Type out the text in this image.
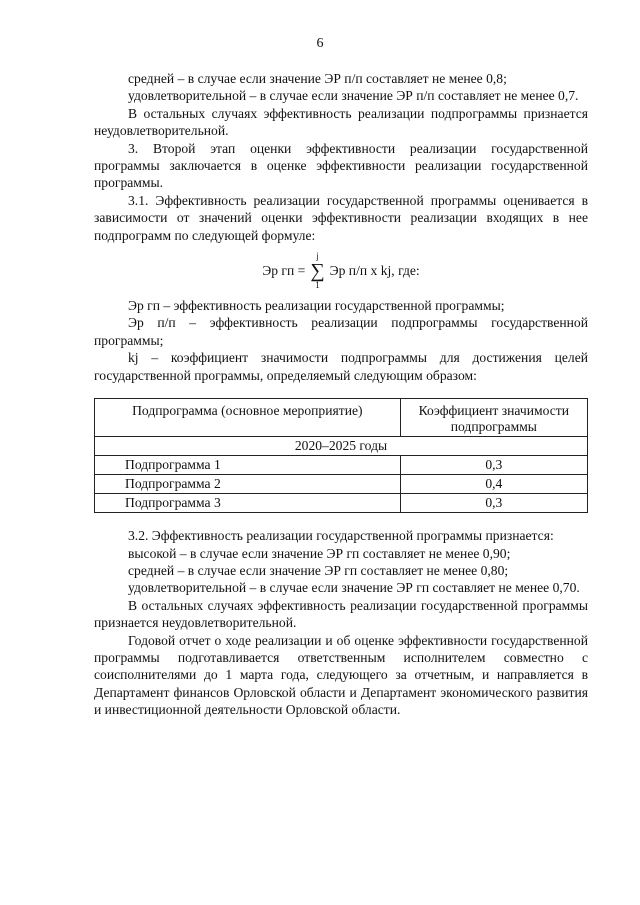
6

средней – в случае если значение ЭР п/п составляет не менее 0,8;

удовлетворительной – в случае если значение ЭР п/п составляет не менее 0,7.

В остальных случаях эффективность реализации подпрограммы признается неудовлетворительной.

3. Второй этап оценки эффективности реализации государственной программы заключается в оценке эффективности реализации государственной программы.

3.1. Эффективность реализации государственной программы оценивается в зависимости от значений оценки эффективности реализации входящих в нее подпрограмм по следующей формуле:

Эр гп =
j
∑
1
Эр п/п x kj, где:

Эр гп – эффективность реализации государственной программы;

Эр п/п – эффективность реализации подпрограммы государственной программы;

kj – коэффициент значимости подпрограммы для достижения целей государственной программы, определяемый следующим образом:

Подпрограмма (основное мероприятие)	Коэффициент значимости подпрограммы
2020–2025 годы	
Подпрограмма 1	0,3
Подпрограмма 2	0,4
Подпрограмма 3	0,3

3.2. Эффективность реализации государственной программы признается:

высокой – в случае если значение ЭР гп составляет не менее 0,90;

средней – в случае если значение ЭР гп составляет не менее 0,80;

удовлетворительной – в случае если значение ЭР гп составляет не менее 0,70.

В остальных случаях эффективность реализации государственной программы признается неудовлетворительной.

Годовой отчет о ходе реализации и об оценке эффективности государственной программы подготавливается ответственным исполнителем совместно с соисполнителями до 1 марта года, следующего за отчетным, и направляется в Департамент финансов Орловской области и Департамент экономического развития и инвестиционной деятельности Орловской области.
